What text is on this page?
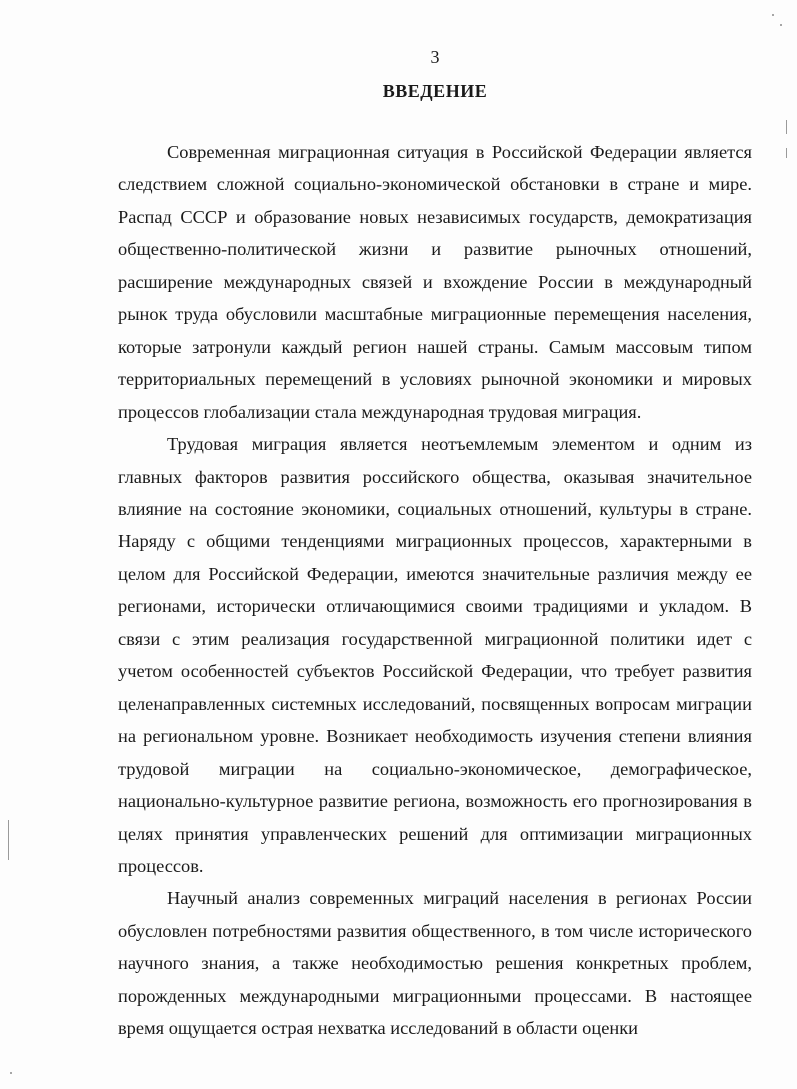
3
ВВЕДЕНИЕ

Современная миграционная ситуация в Российской Федерации является следствием сложной социально-экономической обстановки в стране и мире. Распад СССР и образование новых независимых государств, демократизация общественно-политической жизни и развитие рыночных отношений, расширение международных связей и вхождение России в международный рынок труда обусловили масштабные миграционные перемещения населения, которые затронули каждый регион нашей страны. Самым массовым типом территориальных перемещений в условиях рыночной экономики и мировых процессов глобализации стала международная трудовая миграция.

Трудовая миграция является неотъемлемым элементом и одним из главных факторов развития российского общества, оказывая значительное влияние на состояние экономики, социальных отношений, культуры в стране. Наряду с общими тенденциями миграционных процессов, характерными в целом для Российской Федерации, имеются значительные различия между ее регионами, исторически отличающимися своими традициями и укладом. В связи с этим реализация государственной миграционной политики идет с учетом особенностей субъектов Российской Федерации, что требует развития целенаправленных системных исследований, посвященных вопросам миграции на региональном уровне. Возникает необходимость изучения степени влияния трудовой миграции на социально-экономическое, демографическое, национально-культурное развитие региона, возможность его прогнозирования в целях принятия управленческих решений для оптимизации миграционных процессов.

Научный анализ современных миграций населения в регионах России обусловлен потребностями развития общественного, в том числе исторического научного знания, а также необходимостью решения конкретных проблем, порожденных международными миграционными процессами. В настоящее время ощущается острая нехватка исследований в области оценки
